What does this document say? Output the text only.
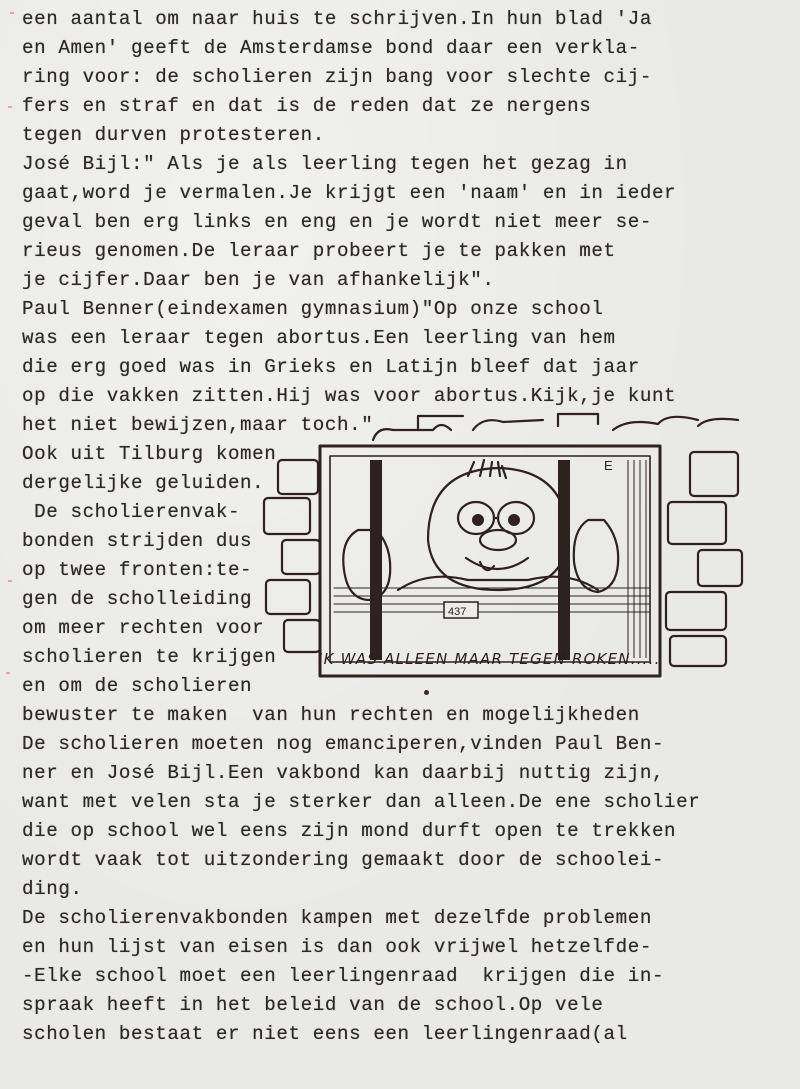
een aantal om naar huis te schrijven.In hun blad 'Ja
en Amen' geeft de Amsterdamse bond daar een verkla-
ring voor: de scholieren zijn bang voor slechte cij-
fers en straf en dat is de reden dat ze nergens
tegen durven protesteren.
José Bijl:" Als je als leerling tegen het gezag in
gaat,word je vermalen.Je krijgt een 'naam' en in ieder
geval ben erg links en eng en je wordt niet meer se-
rieus genomen.De leraar probeert je te pakken met
je cijfer.Daar ben je van afhankelijk".
Paul Benner(eindexamen gymnasium)"Op onze school
was een leraar tegen abortus.Een leerling van hem
die erg goed was in Grieks en Latijn bleef dat jaar
op die vakken zitten.Hij was voor abortus.Kijk,je kunt
het niet bewijzen,maar toch."
Ook uit Tilburg komen
dergelijke geluiden.
De scholierenvak-
bonden strijden dus
op twee fronten:te-
gen de scholleiding
om meer rechten voor
scholieren te krijgen
en om de scholieren
bewuster te maken  van hun rechten en mogelijkheden
De scholieren moeten nog emanciperen,vinden Paul Ben-
ner en José Bijl.Een vakbond kan daarbij nuttig zijn,
want met velen sta je sterker dan alleen.De ene scholier
die op school wel eens zijn mond durft open te trekken
wordt vaak tot uitzondering gemaakt door de schoolei-
ding.
De scholierenvakbonden kampen met dezelfde problemen
en hun lijst van eisen is dan ook vrijwel hetzelfde-
-Elke school moet een leerlingenraad  krijgen die in-
spraak heeft in het beleid van de school.Op vele
scholen bestaat er niet eens een leerlingenraad(al
437
E
IK WAS ALLEEN MAAR TEGEN ROKEN.....
